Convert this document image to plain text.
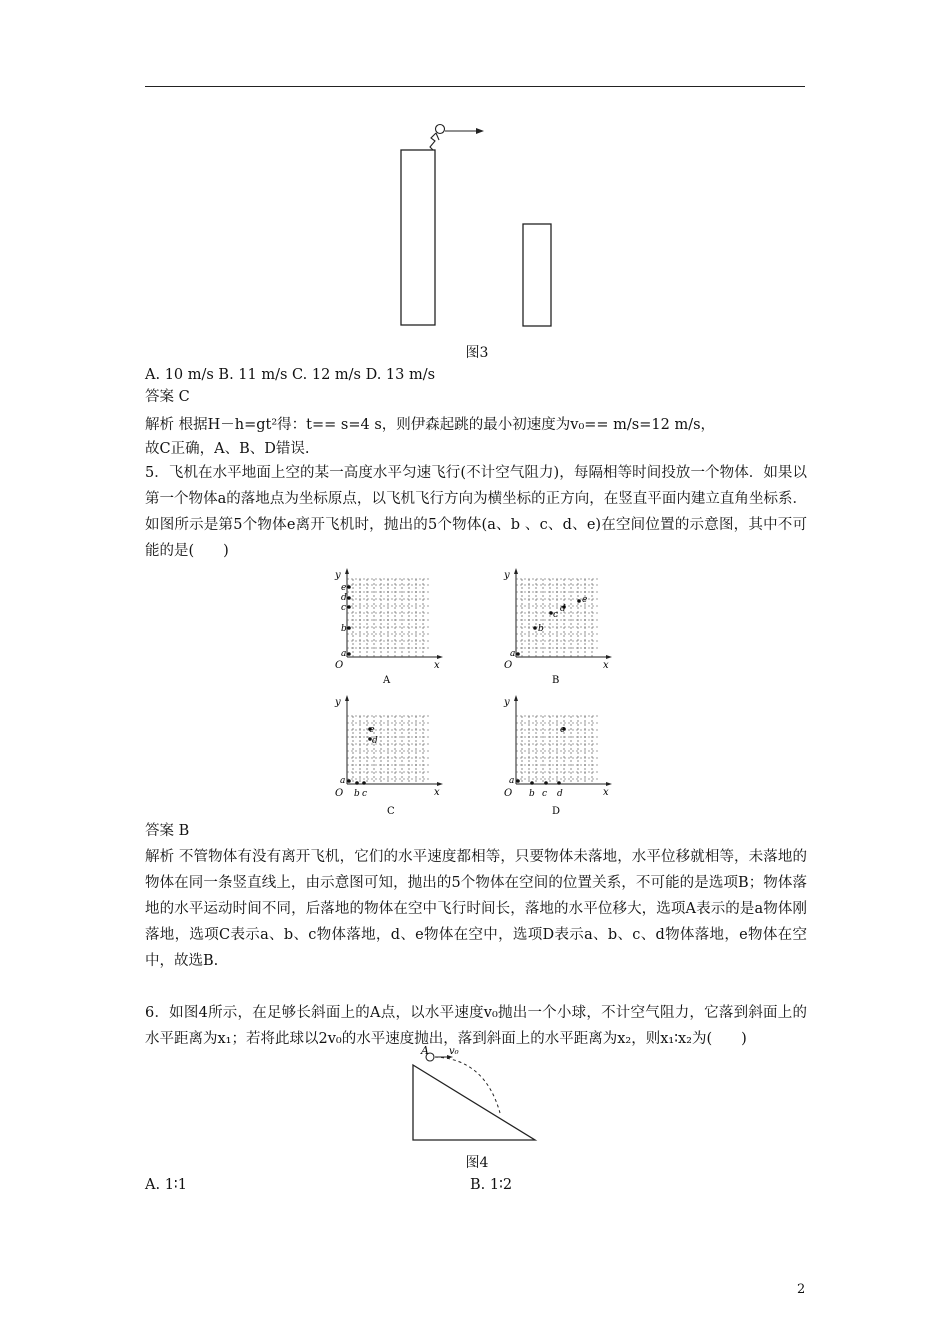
图3
A. 10 m/s B. 11 m/s C. 12 m/s D. 13 m/s
答案 C
解析 根据H－h=gt²得：t== s=4 s，则伊森起跳的最小初速度为v₀== m/s=12 m/s，
故C正确，A、B、D错误.
5．飞机在水平地面上空的某一高度水平匀速飞行(不计空气阻力)，每隔相等时间投放一个物体．如果以第一个物体a的落地点为坐标原点，以飞机飞行方向为横坐标的正方向，在竖直平面内建立直角坐标系．如图所示是第5个物体e离开飞机时，抛出的5个物体(a、b 、c、d、e)在空间位置的示意图，其中不可能的是(　　)
y
x
O
e
d
c
b
a
A
y
x
O
a
b
c
d
e
B
y
x
O
a
b c
d
e
C
y
x
O
a
b c d
e
D
答案 B
解析 不管物体有没有离开飞机，它们的水平速度都相等，只要物体未落地，水平位移就相等，未落地的物体在同一条竖直线上，由示意图可知，抛出的5个物体在空间的位置关系，不可能的是选项B；物体落地的水平运动时间不同，后落地的物体在空中飞行时间长，落地的水平位移大，选项A表示的是a物体刚落地，选项C表示a、b、c物体落地，d、e物体在空中，选项D表示a、b、c、d物体落地，e物体在空中，故选B.
6．如图4所示，在足够长斜面上的A点，以水平速度v₀抛出一个小球，不计空气阻力，它落到斜面上的水平距离为x₁；若将此球以2v₀的水平速度抛出，落到斜面上的水平距离为x₂，则x₁∶x₂为(　　)
A v₀
图4
A. 1∶1	B. 1∶2
2
